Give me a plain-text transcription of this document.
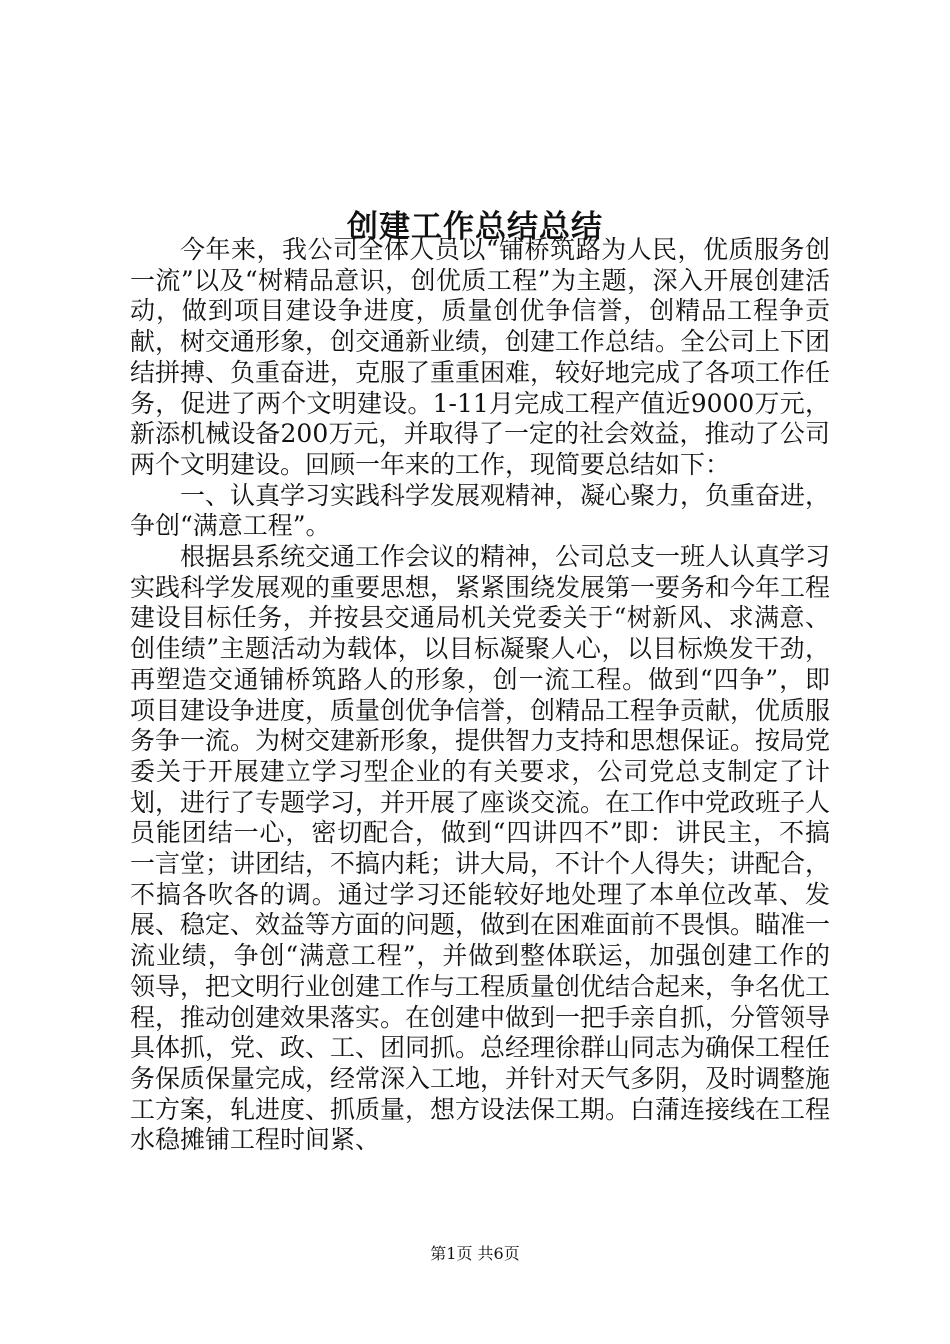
创建工作总结总结

今年来，我公司全体人员以“铺桥筑路为人民，优质服务创一流”以及“树精品意识，创优质工程”为主题，深入开展创建活动，做到项目建设争进度，质量创优争信誉，创精品工程争贡献，树交通形象，创交通新业绩，创建工作总结。全公司上下团结拼搏、负重奋进，克服了重重困难，较好地完成了各项工作任务，促进了两个文明建设。1-11月完成工程产值近9000万元，新添机械设备200万元，并取得了一定的社会效益，推动了公司两个文明建设。回顾一年来的工作，现简要总结如下：

一、认真学习实践科学发展观精神，凝心聚力，负重奋进，争创“满意工程”。

根据县系统交通工作会议的精神，公司总支一班人认真学习实践科学发展观的重要思想，紧紧围绕发展第一要务和今年工程建设目标任务，并按县交通局机关党委关于“树新风、求满意、创佳绩”主题活动为载体，以目标凝聚人心，以目标焕发干劲，再塑造交通铺桥筑路人的形象，创一流工程。做到“四争”，即项目建设争进度，质量创优争信誉，创精品工程争贡献，优质服务争一流。为树交建新形象，提供智力支持和思想保证。按局党委关于开展建立学习型企业的有关要求，公司党总支制定了计划，进行了专题学习，并开展了座谈交流。在工作中党政班子人员能团结一心，密切配合，做到“四讲四不”即：讲民主，不搞一言堂；讲团结，不搞内耗；讲大局，不计个人得失；讲配合，不搞各吹各的调。通过学习还能较好地处理了本单位改革、发展、稳定、效益等方面的问题，做到在困难面前不畏惧。瞄准一流业绩，争创“满意工程”，并做到整体联运，加强创建工作的领导，把文明行业创建工作与工程质量创优结合起来，争名优工程，推动创建效果落实。在创建中做到一把手亲自抓，分管领导具体抓，党、政、工、团同抓。总经理徐群山同志为确保工程任务保质保量完成，经常深入工地，并针对天气多阴，及时调整施工方案，轧进度、抓质量，想方设法保工期。白蒲连接线在工程水稳摊铺工程时间紧、

第1页 共6页
